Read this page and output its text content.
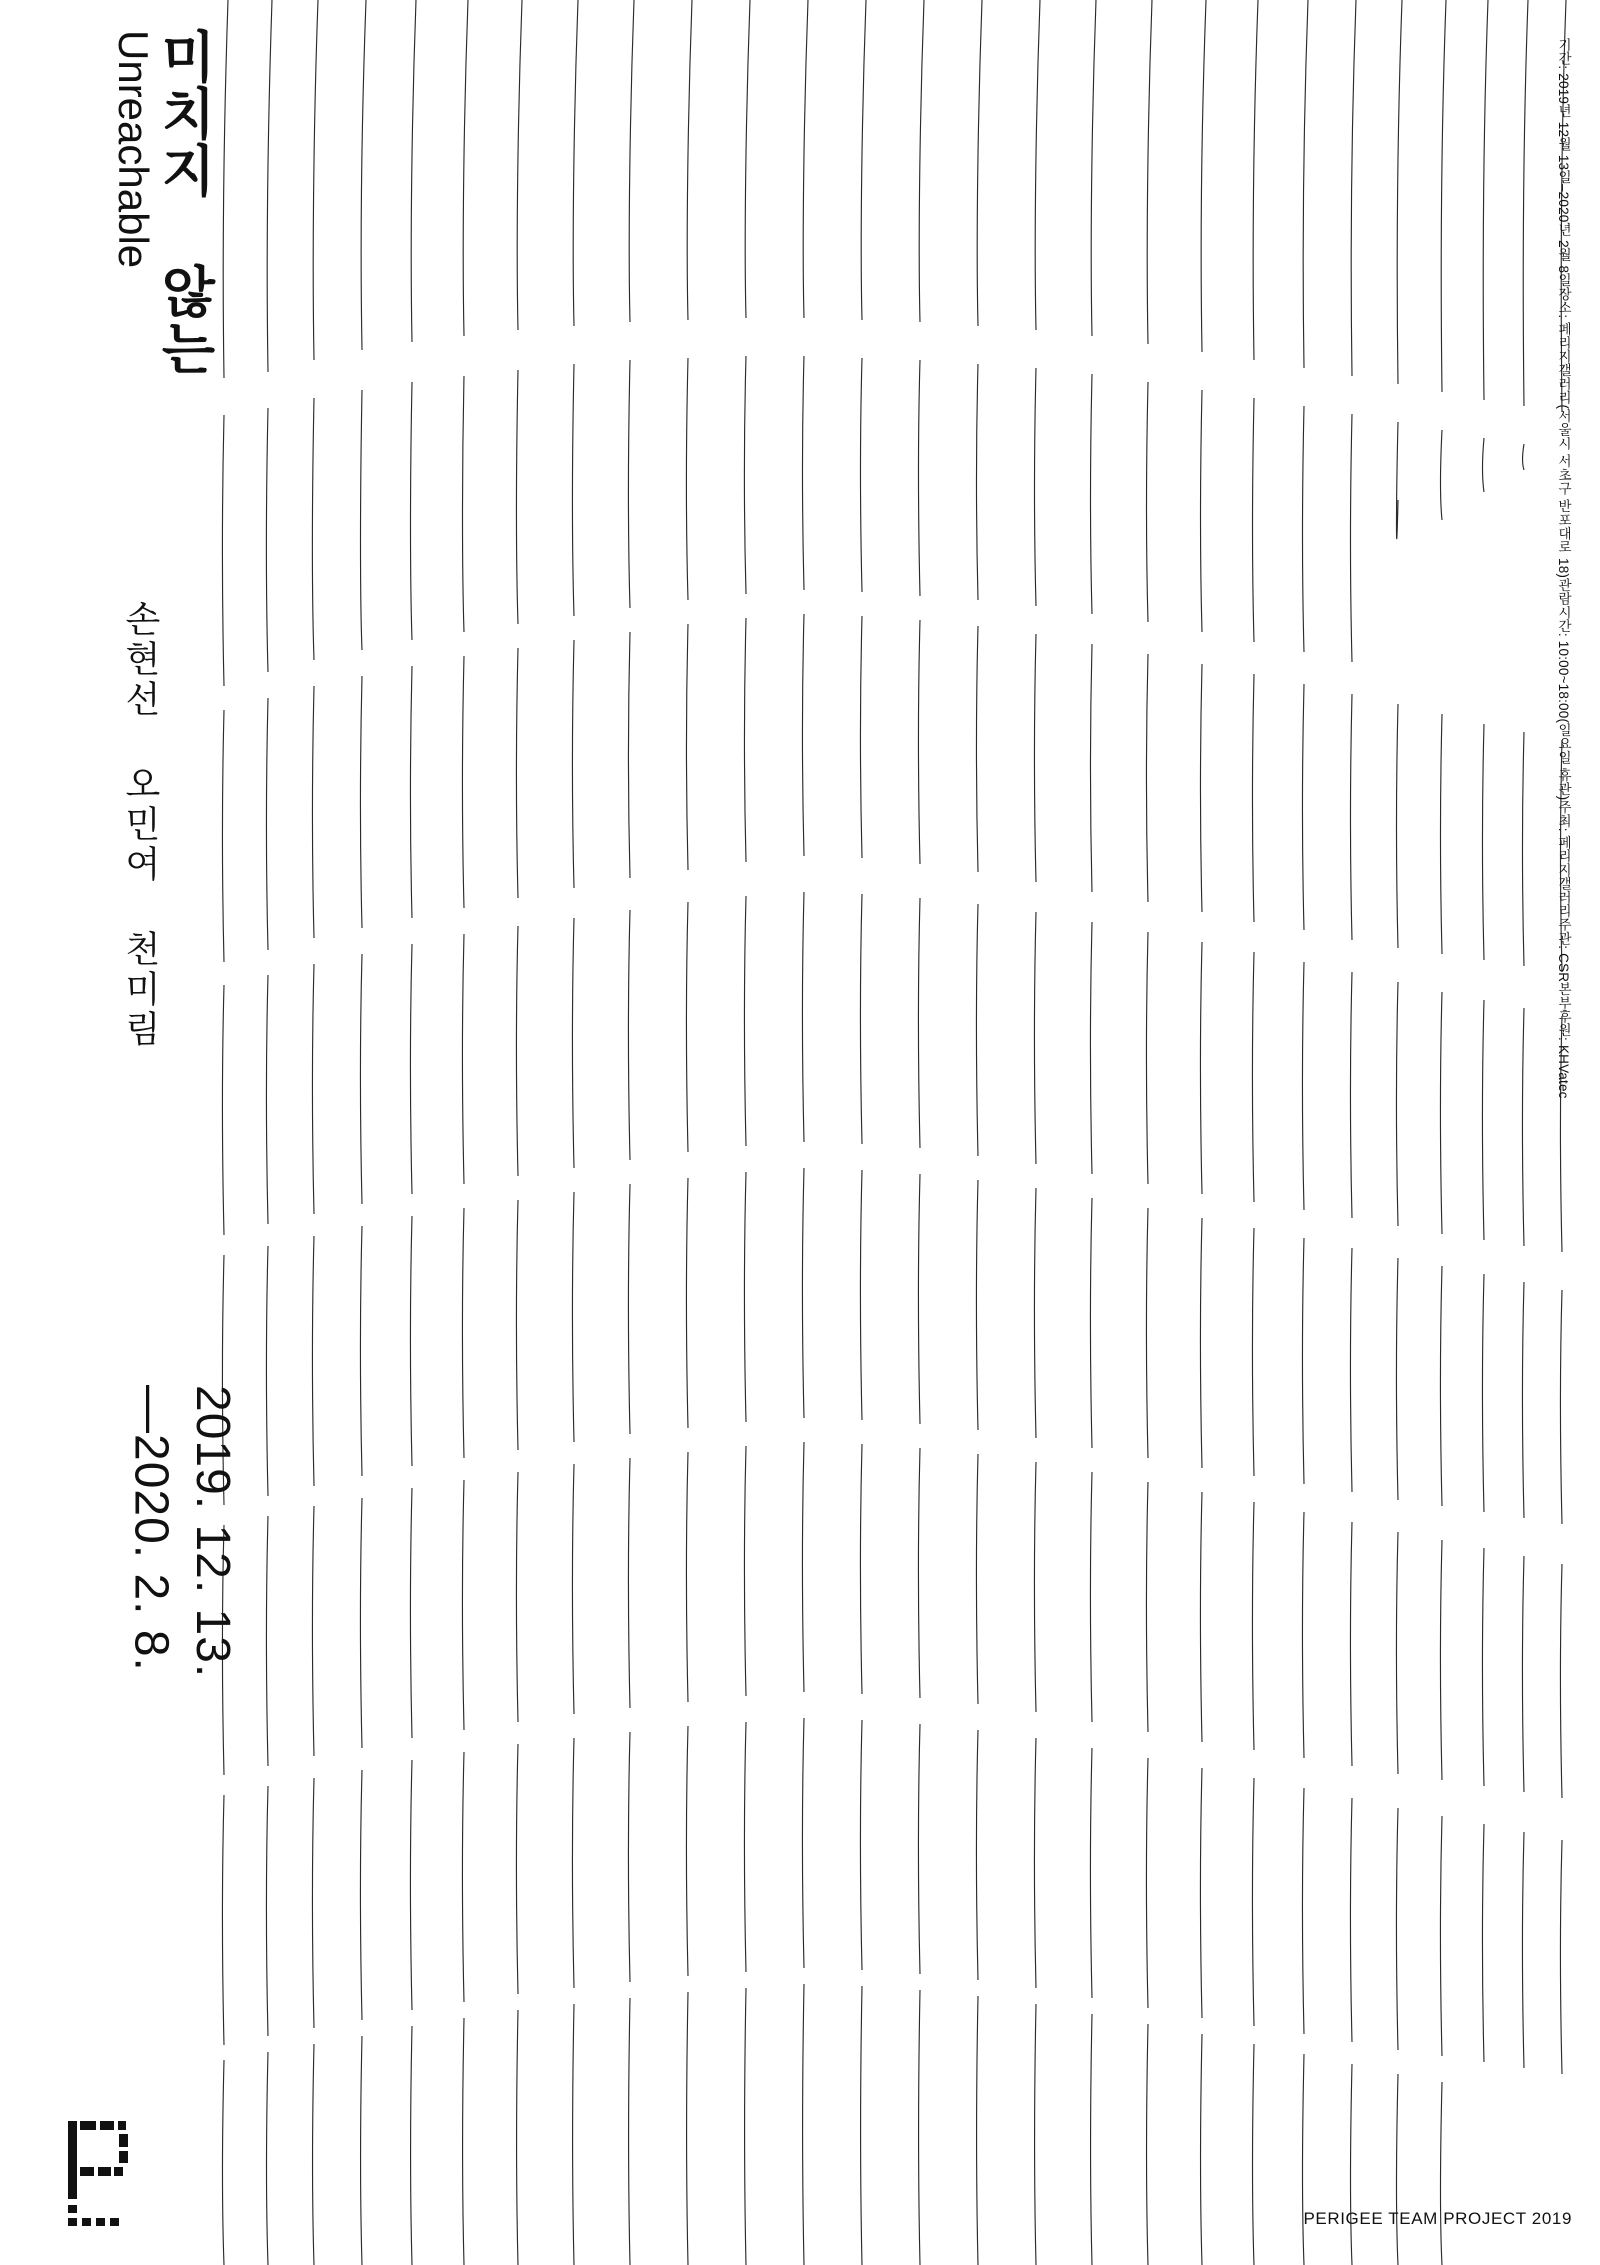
미치지 않는
Unreachable
손현선 오민여 천미림
2019. 12. 13.
—2020. 2. 8.
기간: 2019년 12월 13일–2020년 2월 8일장소: 페리지갤러리(서울시 서초구 반포대로 18)관람시간: 10:00~18:00(일요일 휴관)주최: 페리지갤러리주관: CSR본부후원: KHVatec
PERIGEE TEAM PROJECT 2019
